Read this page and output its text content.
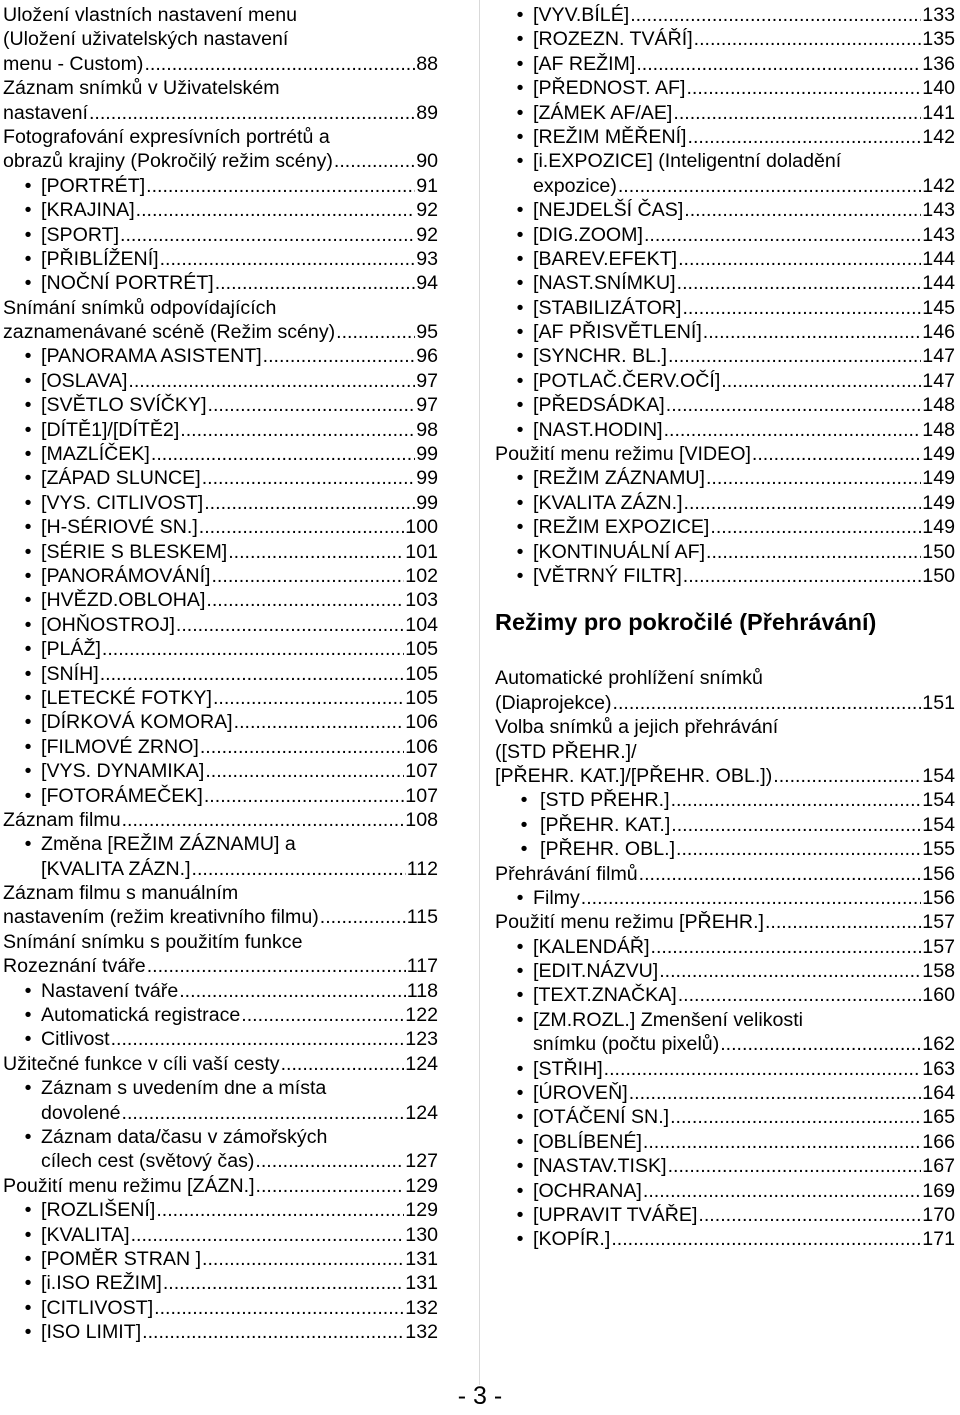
Uložení vlastních nastavení menu
(Uložení uživatelských nastavení
menu - Custom) .....	88
Záznam snímků v Uživatelském
nastavení .....	89
Fotografování expresívních portrétů a
obrazů krajiny (Pokročilý režim scény) .....	90
• [PORTRÉT] .....	91
• [KRAJINA] .....	92
• [SPORT] .....	92
• [PŘIBLÍŽENÍ] .....	93
• [NOČNÍ PORTRÉT] .....	94
Snímání snímků odpovídajících
zaznamenávané scéně (Režim scény) .....	95
• [PANORAMA ASISTENT] .....	96
• [OSLAVA] .....	97
• [SVĚTLO SVÍČKY] .....	97
• [DÍTĚ1]/[DÍTĚ2] .....	98
• [MAZLÍČEK] .....	99
• [ZÁPAD SLUNCE] .....	99
• [VYS. CITLIVOST] .....	99
• [H-SÉRIOVÉ SN.] .....	100
• [SÉRIE S BLESKEM] .....	101
• [PANORÁMOVÁNÍ] .....	102
• [HVĚZD.OBLOHA] .....	103
• [OHŇOSTROJ] .....	104
• [PLÁŽ] .....	105
• [SNÍH] .....	105
• [LETECKÉ FOTKY] .....	105
• [DÍRKOVÁ KOMORA] .....	106
• [FILMOVÉ ZRNO] .....	106
• [VYS. DYNAMIKA] .....	107
• [FOTORÁMEČEK] .....	107
Záznam filmu .....	108
• Změna [REŽIM ZÁZNAMU] a
[KVALITA ZÁZN.] .....	112
Záznam filmu s manuálním
nastavením (režim kreativního filmu) .....	115
Snímání snímku s použitím funkce
Rozeznání tváře .....	117
• Nastavení tváře .....	118
• Automatická registrace .....	122
• Citlivost .....	123
Užitečné funkce v cíli vaší cesty .....	124
• Záznam s uvedením dne a místa
dovolené .....	124
• Záznam data/času v zámořských
cílech cest (světový čas) .....	127
Použití menu režimu [ZÁZN.] .....	129
• [ROZLIŠENÍ] .....	129
• [KVALITA] .....	130
• [POMĚR STRAN ] .....	131
• [i.ISO REŽIM] .....	131
• [CITLIVOST] .....	132
• [ISO LIMIT] .....	132
• [VYV.BÍLÉ] .....	133
• [ROZEZN. TVÁŘÍ] .....	135
• [AF REŽIM] .....	136
• [PŘEDNOST. AF] .....	140
• [ZÁMEK AF/AE] .....	141
• [REŽIM MĚŘENÍ] .....	142
• [i.EXPOZICE] (Inteligentní doladění
expozice) .....	142
• [NEJDELŠÍ ČAS] .....	143
• [DIG.ZOOM] .....	143
• [BAREV.EFEKT] .....	144
• [NAST.SNÍMKU] .....	144
• [STABILIZÁTOR] .....	145
• [AF PŘISVĚTLENÍ] .....	146
• [SYNCHR. BL.] .....	147
• [POTLAČ.ČERV.OČÍ] .....	147
• [PŘEDSÁDKA] .....	148
• [NAST.HODIN] .....	148
Použití menu režimu [VIDEO] .....	149
• [REŽIM ZÁZNAMU] .....	149
• [KVALITA ZÁZN.] .....	149
• [REŽIM EXPOZICE] .....	149
• [KONTINUÁLNÍ AF] .....	150
• [VĚTRNÝ FILTR] .....	150
Režimy pro pokročilé (Přehrávání)
Automatické prohlížení snímků
(Diaprojekce) .....	151
Volba snímků a jejich přehrávání
([STD PŘEHR.]/
[PŘEHR. KAT.]/[PŘEHR. OBL.]) .....	154
• [STD PŘEHR.] .....	154
• [PŘEHR. KAT.] .....	154
• [PŘEHR. OBL.] .....	155
Přehrávání filmů .....	156
• Filmy .....	156
Použití menu režimu [PŘEHR.] .....	157
• [KALENDÁŘ] .....	157
• [EDIT.NÁZVU] .....	158
• [TEXT.ZNAČKA] .....	160
• [ZM.ROZL.] Zmenšení velikosti
snímku (počtu pixelů) .....	162
• [STŘIH] .....	163
• [ÚROVEŇ] .....	164
• [OTÁČENÍ SN.] .....	165
• [OBLÍBENÉ] .....	166
• [NASTAV.TISK] .....	167
• [OCHRANA] .....	169
• [UPRAVIT TVÁŘE] .....	170
• [KOPÍR.] .....	171
- 3 -
